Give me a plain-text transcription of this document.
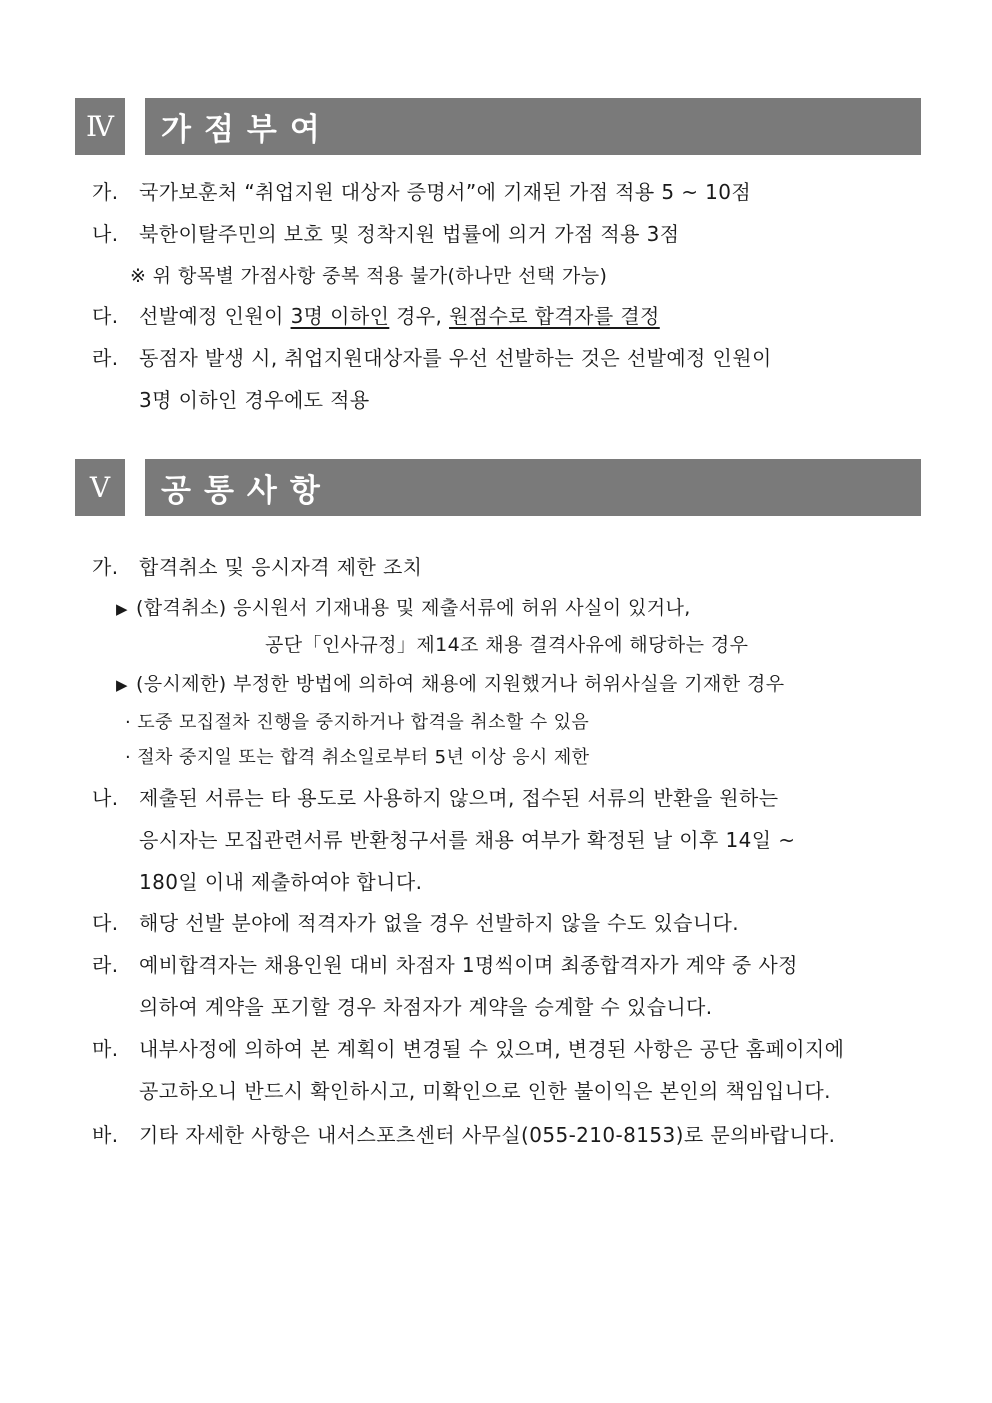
Ⅳ	가점부여
가. 국가보훈처 “취업지원 대상자 증명서”에 기재된 가점 적용 5 ~ 10점
나. 북한이탈주민의 보호 및 정착지원 법률에 의거 가점 적용 3점
※ 위 항목별 가점사항 중복 적용 불가(하나만 선택 가능)
다. 선발예정 인원이 3명 이하인 경우, 원점수로 합격자를 결정
라. 동점자 발생 시, 취업지원대상자를 우선 선발하는 것은 선발예정 인원이
3명 이하인 경우에도 적용
Ⅴ	공통사항
가. 합격취소 및 응시자격 제한 조치
▶ (합격취소) 응시원서 기재내용 및 제출서류에 허위 사실이 있거나,
공단「인사규정」제14조 채용 결격사유에 해당하는 경우
▶ (응시제한) 부정한 방법에 의하여 채용에 지원했거나 허위사실을 기재한 경우
· 도중 모집절차 진행을 중지하거나 합격을 취소할 수 있음
· 절차 중지일 또는 합격 취소일로부터 5년 이상 응시 제한
나. 제출된 서류는 타 용도로 사용하지 않으며, 접수된 서류의 반환을 원하는
응시자는 모집관련서류 반환청구서를 채용 여부가 확정된 날 이후 14일 ~
180일 이내 제출하여야 합니다.
다. 해당 선발 분야에 적격자가 없을 경우 선발하지 않을 수도 있습니다.
라. 예비합격자는 채용인원 대비 차점자 1명씩이며 최종합격자가 계약 중 사정
의하여 계약을 포기할 경우 차점자가 계약을 승계할 수 있습니다.
마. 내부사정에 의하여 본 계획이 변경될 수 있으며, 변경된 사항은 공단 홈페이지에
공고하오니 반드시 확인하시고, 미확인으로 인한 불이익은 본인의 책임입니다.
바. 기타 자세한 사항은 내서스포츠센터 사무실(055-210-8153)로 문의바랍니다.
